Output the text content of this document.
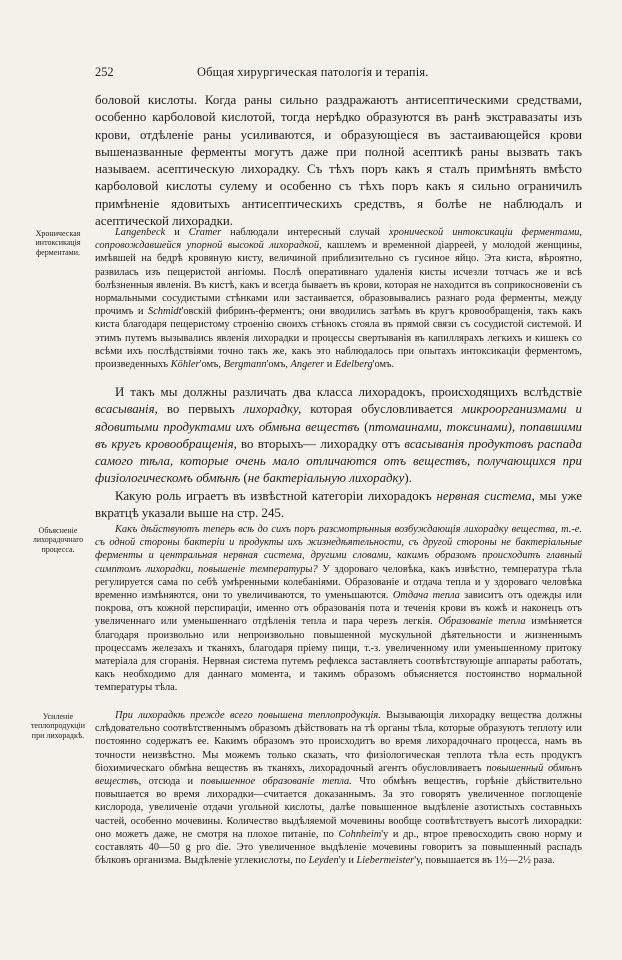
252	Общая хирургическая патологія и терапія.

боловой кислоты. Когда раны сильно раздражаютъ антисептическими средствами, особенно карболовой кислотой, тогда нерѣдко образуются въ ранѣ экстравазаты изъ крови, отдѣленіе раны усиливаются, и образующіеся въ застаивающейся крови вышеназванные ферменты могутъ даже при полной асептикѣ раны вызвать такъ называем. асептическую лихорадку. Съ тѣхъ поръ какъ я сталъ примѣнять вмѣсто карболовой кислоты сулему и особенно съ тѣхъ поръ какъ я сильно ограничилъ примѣненіе ядовитыхъ антисептическихъ средствъ, я болѣе не наблюдалъ и асептической лихорадки.

Langenbeck и Cramer наблюдали интересный случай хронической интоксикаціи ферментами, сопровождавшейся упорной высокой лихорадкой, кашлемъ и временной діарреей, у молодой женщины, имѣвшей на бедрѣ кровяную кисту, величиной приблизительно съ гусиное яйцо. Эта киста, вѣроятно, развилась изъ пещеристой ангіомы. Послѣ оперативнаго удаленія кисты исчезли тотчасъ же и всѣ болѣзненныя явленія. Въ кистѣ, какъ и всегда бываетъ въ крови, которая не находится въ соприкосновеніи съ нормальными сосудистыми стѣнками или застаивается, образовывались разнаго рода ферменты, между прочимъ и Schmidt'овскій фибринъ-ферментъ; они вводились затѣмъ въ кругъ кровообращенія, такъ какъ киста благодаря пещеристому строенію своихъ стѣнокъ стояла въ прямой связи съ сосудистой системой. И этимъ путемъ вызывались явленія лихорадки и процессы свертыванія въ капиллярахъ легкихъ и кишекъ со всѣми ихъ послѣдствіями точно такъ же, какъ это наблюдалось при опытахъ интоксикаціи ферментомъ, произведенныхъ Köhler'омъ, Bergmann'омъ, Angerer и Edelberg'омъ.

И такъ мы должны различать два класса лихорадокъ, происходящихъ вслѣдствіе всасыванія, во первыхъ лихорадку, которая обусловливается микроорганизмами и ядовитыми продуктами ихъ обмѣна веществъ (птомаинами, токсинами), попавшими въ кругъ кровообращенія, во вторыхъ— лихорадку отъ всасыванія продуктовъ распада самого тѣла, которые очень мало отличаются отъ веществъ, получающихся при физіологическомъ обмѣнѣ (не бактеріальную лихорадку).

Какую роль играетъ въ извѣстной категоріи лихорадокъ нервная система, мы уже вкратцѣ указали выше на стр. 245.

Какъ дѣйствуютъ теперь всѣ до сихъ поръ разсмотрѣнныя возбуждающія лихорадку вещества, т.-е. съ одной стороны бактеріи и продукты ихъ жизнедѣятельности, съ другой стороны не бактеріальные ферменты и центральная нервная система, другими словами, какимъ образомъ происходитъ главный симптомъ лихорадки, повышеніе температуры? У здороваго человѣка, какъ извѣстно, температура тѣла регулируется сама по себѣ умѣренными колебаніями. Образованіе и отдача тепла и у здороваго человѣка временно измѣняются, они то увеличиваются, то уменьшаются. Отдача тепла зависитъ отъ одежды или покрова, отъ кожной перспираціи, именно отъ образованія пота и теченія крови въ кожѣ и наконецъ отъ увеличеннаго или уменьшеннаго отдѣленія тепла и пара черезъ легкія. Образованіе тепла измѣняется благодаря произвольно или непроизвольно повышенной мускульной дѣятельности и жизненнымъ процессамъ железахъ и тканяхъ, благодаря пріему пищи, т.-з. увеличенному или уменьшенному притоку матеріала для сгоранія. Нервная система путемъ рефлекса заставляетъ соотвѣтствующіе аппараты работать, какъ необходимо для даннаго момента, и такимъ образомъ объясняется постоянство нормальной температуры тѣла.

При лихорадкѣ прежде всего повышена теплопродукція. Вызывающія лихорадку вещества должны слѣдовательно соотвѣтственнымъ образомъ дѣйствовать на тѣ органы тѣла, которые образуютъ теплоту или постоянно содержатъ ее. Какимъ образомъ это происходитъ во время лихорадочнаго процесса, намъ въ точности неизвѣстно. Мы можемъ только сказать, что физіологическая теплота тѣла есть продуктъ біохимическаго обмѣна веществъ въ тканяхъ, лихорадочный агентъ обусловливаетъ повышенный обмѣнъ веществъ, отсюда и повышенное образованіе тепла. Что обмѣнъ веществъ, горѣніе дѣйствительно повышается во время лихорадки—считается доказаннымъ. За это говорятъ увеличенное поглощеніе кислорода, увеличеніе отдачи угольной кислоты, далѣе повышенное выдѣленіе азотистыхъ составныхъ частей, особенно мочевины. Количество выдѣляемой мочевины вообще соотвѣтствуетъ высотѣ лихорадки: оно можетъ даже, не смотря на плохое питаніе, по Cohnheim'у и др., втрое превосходить свою норму и составлять 40—50 g pro die. Это увеличенное выдѣленіе мочевины говоритъ за повышенный распадъ бѣлковъ организма. Выдѣленіе углекислоты, по Leyden'у и Liebermeister'у, повышается въ 1½—2½ раза.

Хроническая интоксикація ферментами.

Объясненіе лихорадочнаго процесса.

Усиленіе теплопродукціи при лихорадкѣ.
